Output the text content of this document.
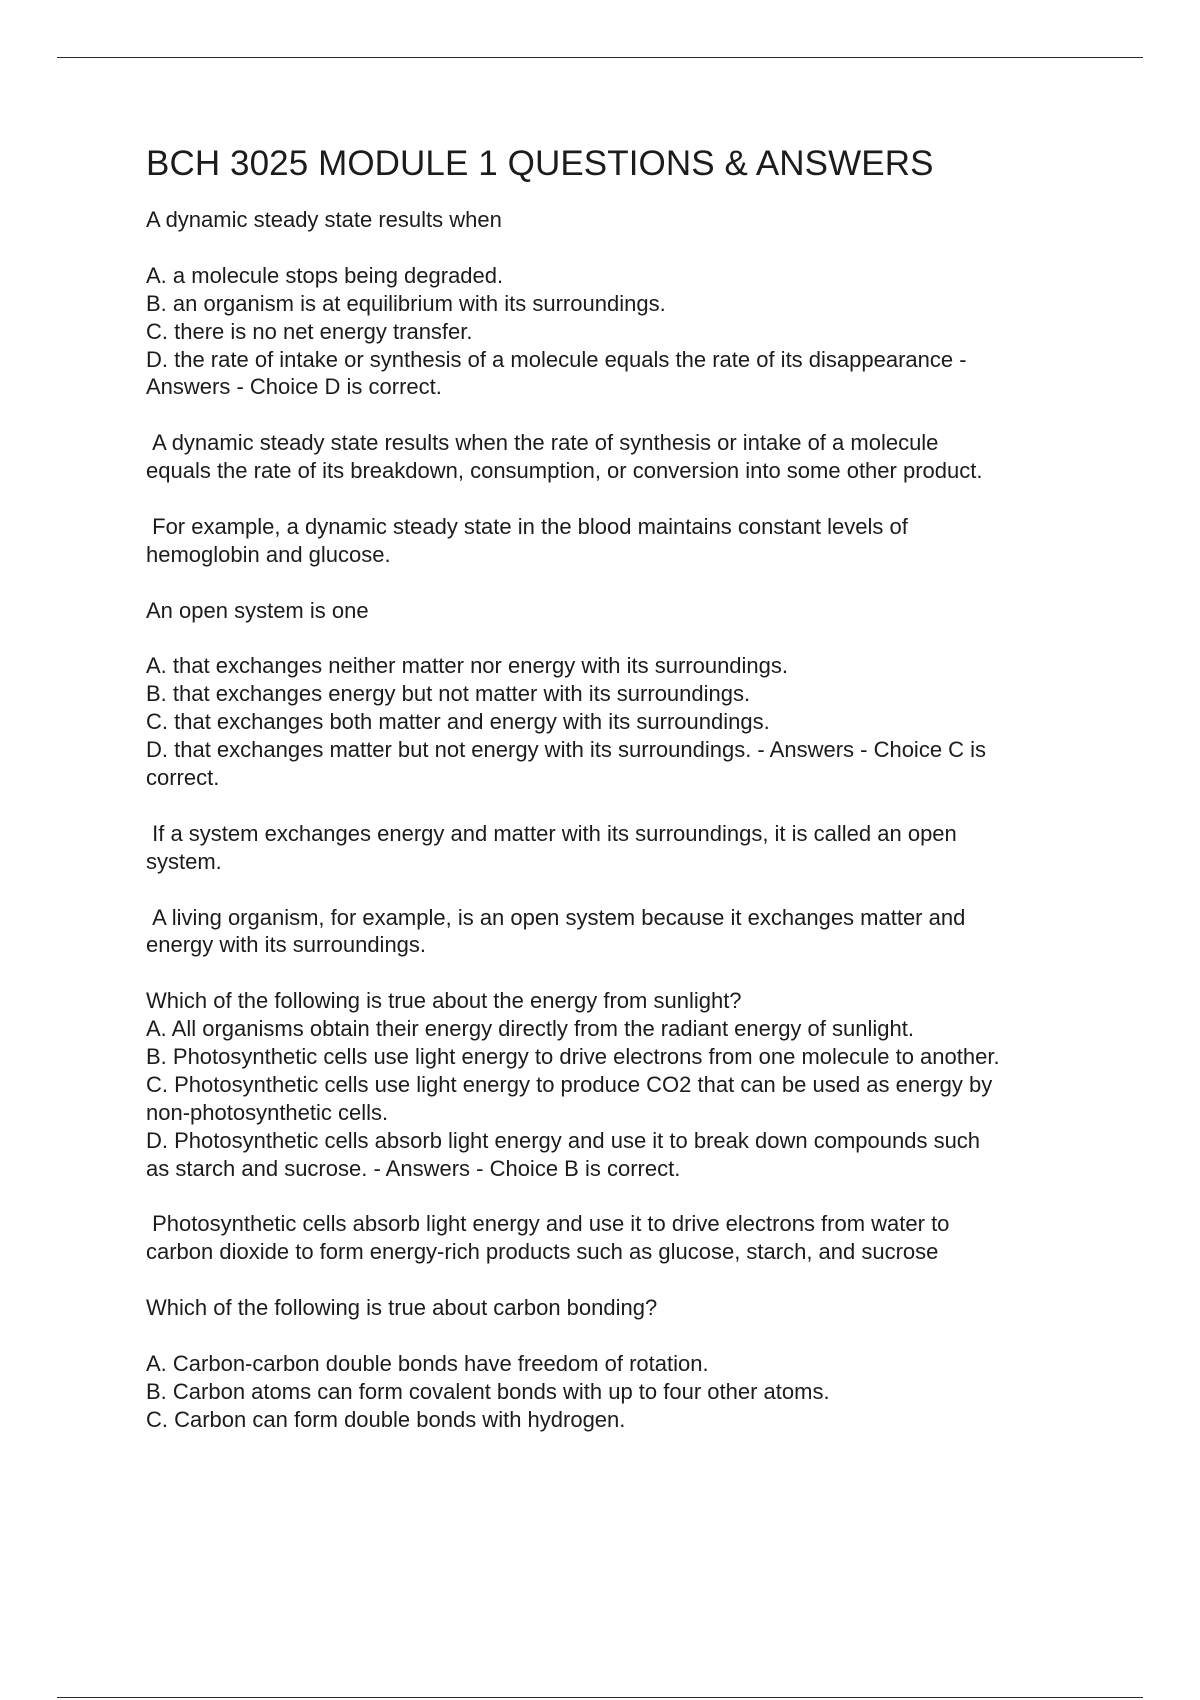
BCH 3025 MODULE 1 QUESTIONS & ANSWERS

A dynamic steady state results when

A. a molecule stops being degraded.

B. an organism is at equilibrium with its surroundings.

C. there is no net energy transfer.

D. the rate of intake or synthesis of a molecule equals the rate of its disappearance -

Answers - Choice D is correct.

A dynamic steady state results when the rate of synthesis or intake of a molecule

equals the rate of its breakdown, consumption, or conversion into some other product.

For example, a dynamic steady state in the blood maintains constant levels of

hemoglobin and glucose.

An open system is one

A. that exchanges neither matter nor energy with its surroundings.

B. that exchanges energy but not matter with its surroundings.

C. that exchanges both matter and energy with its surroundings.

D. that exchanges matter but not energy with its surroundings. - Answers - Choice C is

correct.

If a system exchanges energy and matter with its surroundings, it is called an open

system.

A living organism, for example, is an open system because it exchanges matter and

energy with its surroundings.

Which of the following is true about the energy from sunlight?

A. All organisms obtain their energy directly from the radiant energy of sunlight.

B. Photosynthetic cells use light energy to drive electrons from one molecule to another.

C. Photosynthetic cells use light energy to produce CO2 that can be used as energy by

non-photosynthetic cells.

D. Photosynthetic cells absorb light energy and use it to break down compounds such

as starch and sucrose. - Answers - Choice B is correct.

Photosynthetic cells absorb light energy and use it to drive electrons from water to

carbon dioxide to form energy-rich products such as glucose, starch, and sucrose

Which of the following is true about carbon bonding?

A. Carbon-carbon double bonds have freedom of rotation.

B. Carbon atoms can form covalent bonds with up to four other atoms.

C. Carbon can form double bonds with hydrogen.
